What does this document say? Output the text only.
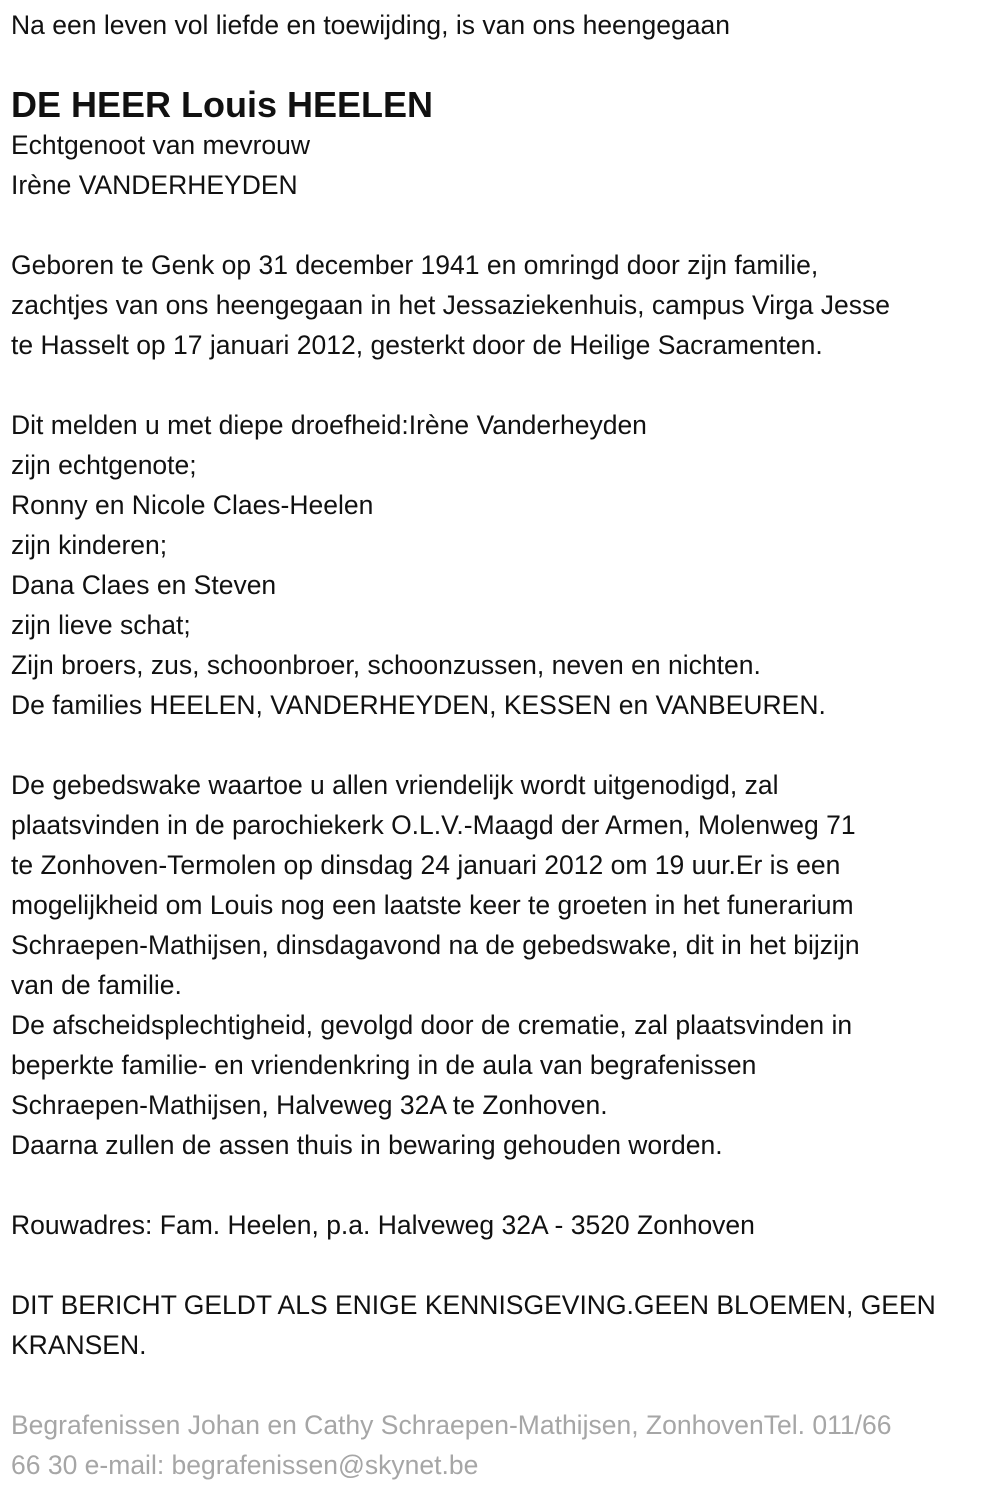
Na een leven vol liefde en toewijding, is van ons heengegaan
DE HEER Louis HEELEN
Echtgenoot van mevrouw
Irène VANDERHEYDEN
Geboren te Genk op 31 december 1941 en omringd door zijn familie,
zachtjes van ons heengegaan in het Jessaziekenhuis, campus Virga Jesse
te Hasselt op 17 januari 2012, gesterkt door de Heilige Sacramenten.
Dit melden u met diepe droefheid:Irène Vanderheyden
zijn echtgenote;
Ronny en Nicole Claes-Heelen
zijn kinderen;
Dana Claes en Steven
zijn lieve schat;
Zijn broers, zus, schoonbroer, schoonzussen, neven en nichten.
De families HEELEN, VANDERHEYDEN, KESSEN en VANBEUREN.
De gebedswake waartoe u allen vriendelijk wordt uitgenodigd, zal
plaatsvinden in de parochiekerk O.L.V.-Maagd der Armen, Molenweg 71
te Zonhoven-Termolen op dinsdag 24 januari 2012 om 19 uur.Er is een
mogelijkheid om Louis nog een laatste keer te groeten in het funerarium
Schraepen-Mathijsen, dinsdagavond na de gebedswake, dit in het bijzijn
van de familie.
De afscheidsplechtigheid, gevolgd door de crematie, zal plaatsvinden in
beperkte familie- en vriendenkring in de aula van begrafenissen
Schraepen-Mathijsen, Halveweg 32A te Zonhoven.
Daarna zullen de assen thuis in bewaring gehouden worden.
Rouwadres: Fam. Heelen, p.a. Halveweg 32A - 3520 Zonhoven
DIT BERICHT GELDT ALS ENIGE KENNISGEVING.GEEN BLOEMEN, GEEN
KRANSEN.
Begrafenissen Johan en Cathy Schraepen-Mathijsen, ZonhovenTel. 011/66
66 30 e-mail: begrafenissen@skynet.be
